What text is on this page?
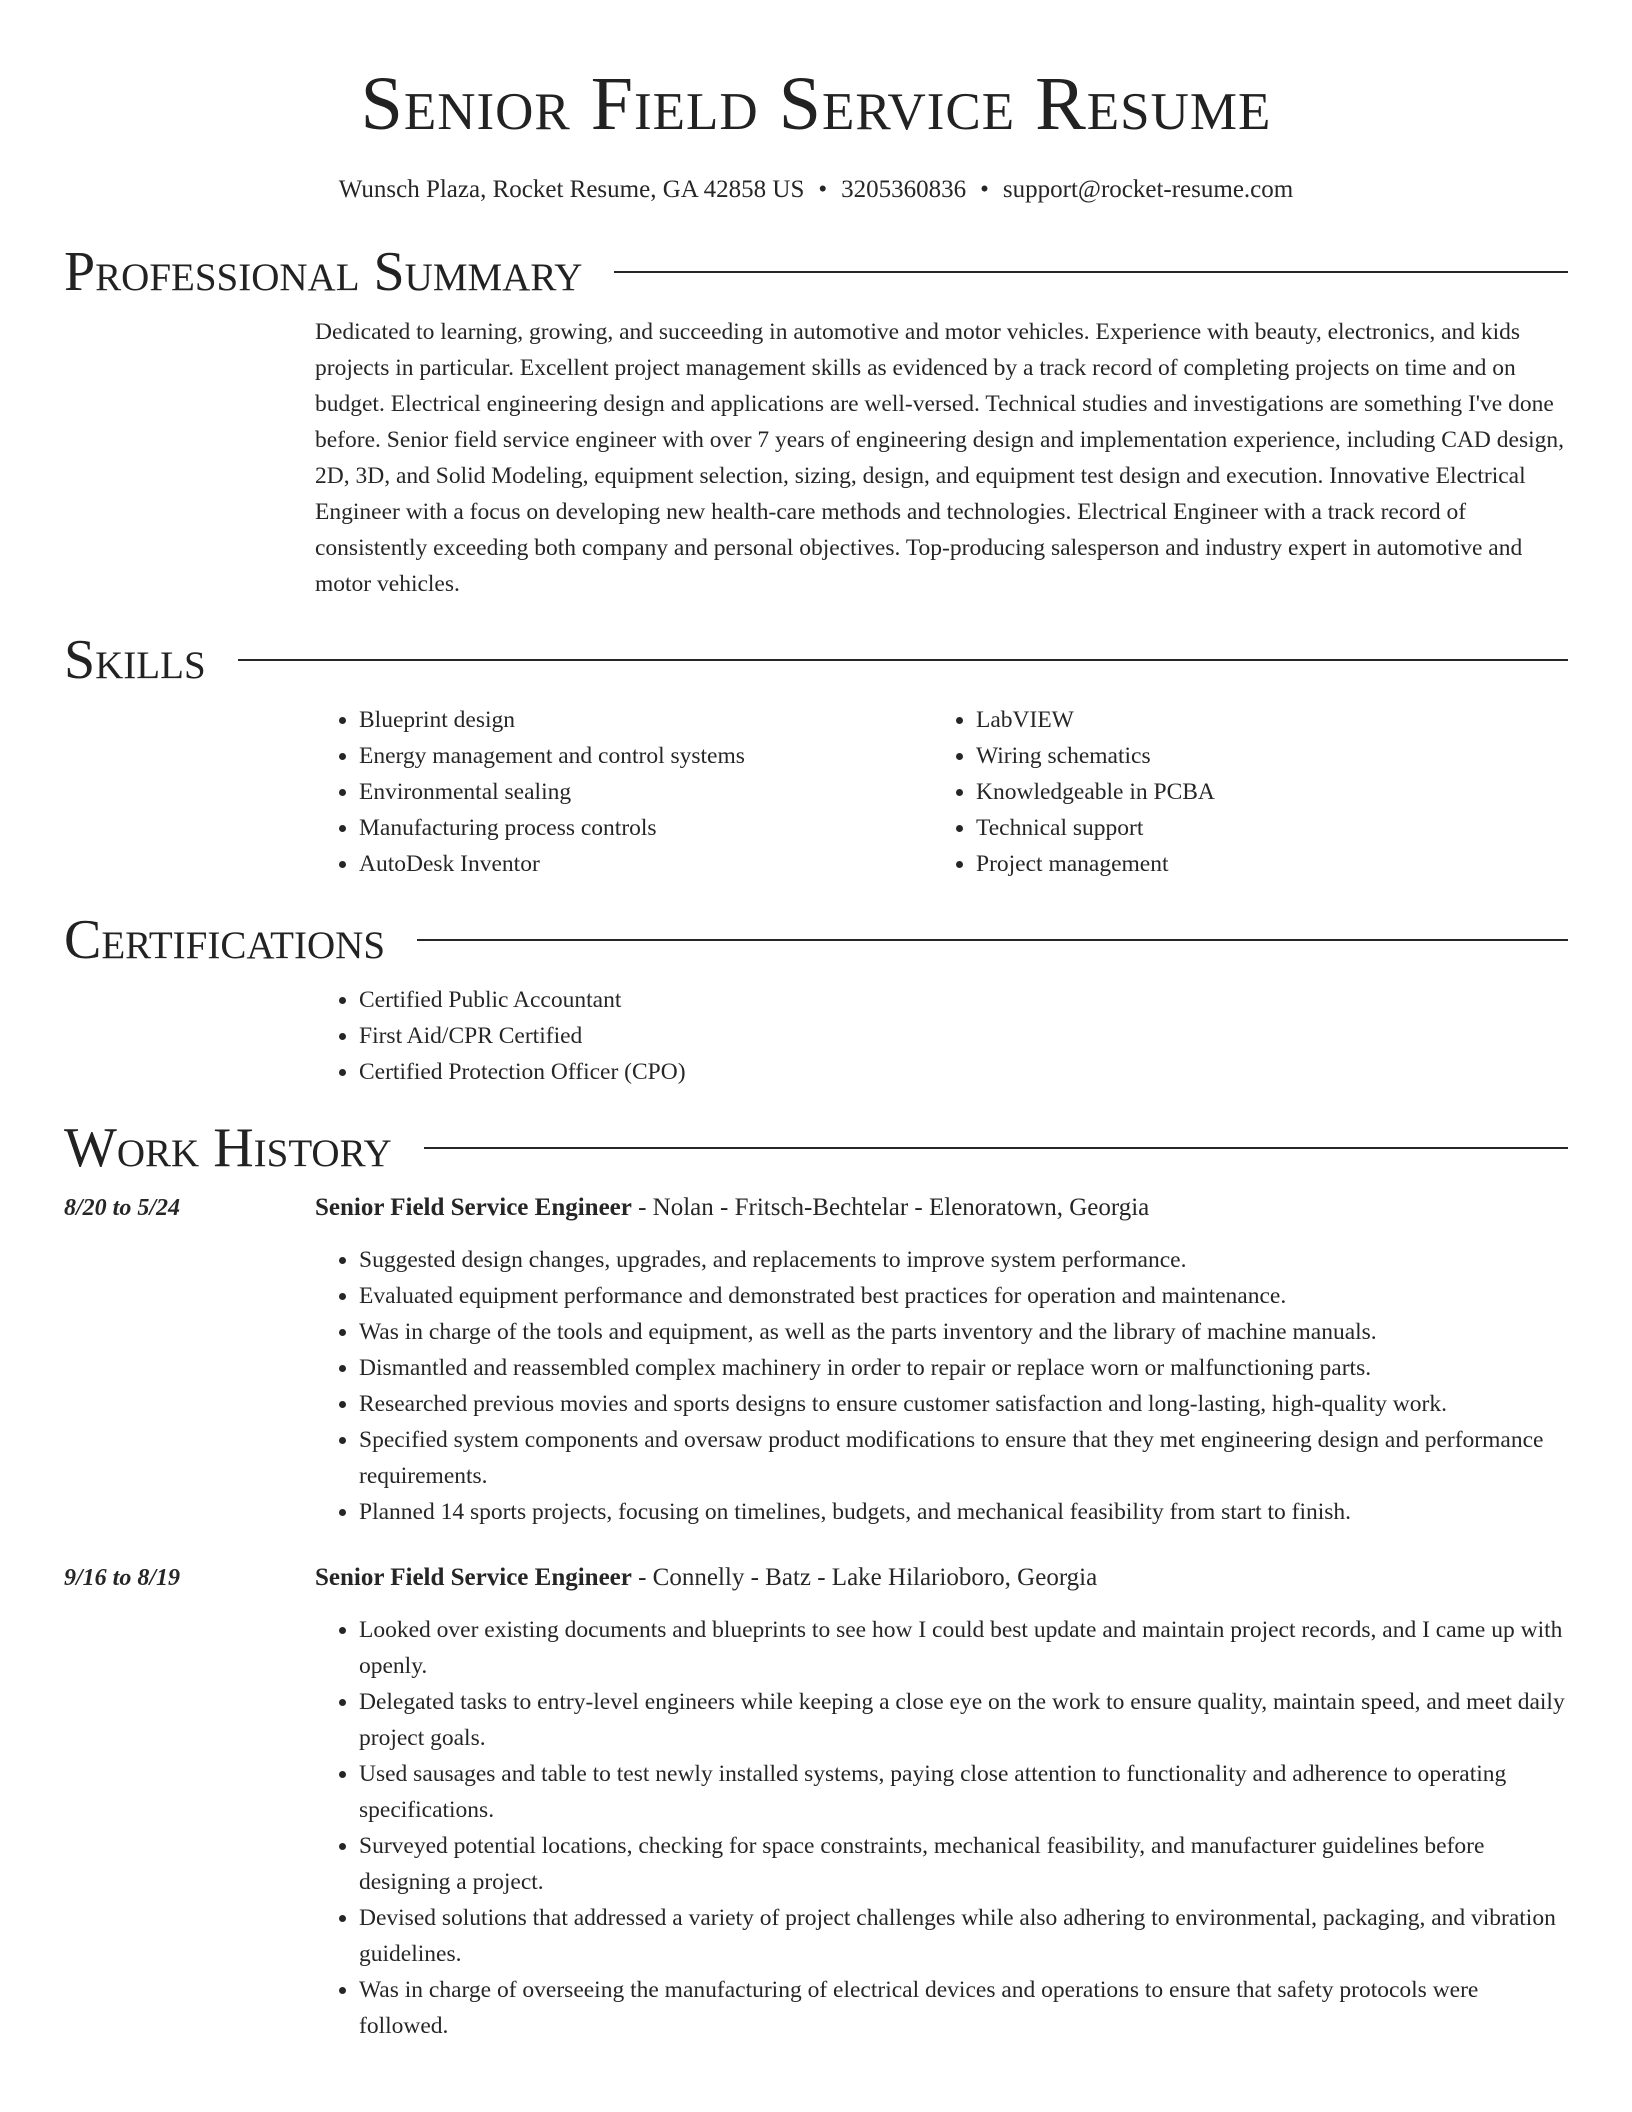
Senior Field Service Resume
Wunsch Plaza, Rocket Resume, GA 42858 US • 3205360836 • support@rocket-resume.com
Professional Summary

Dedicated to learning, growing, and succeeding in automotive and motor vehicles. Experience with beauty, electronics, and kids projects in particular. Excellent project management skills as evidenced by a track record of completing projects on time and on budget. Electrical engineering design and applications are well-versed. Technical studies and investigations are something I've done before. Senior field service engineer with over 7 years of engineering design and implementation experience, including CAD design, 2D, 3D, and Solid Modeling, equipment selection, sizing, design, and equipment test design and execution. Innovative Electrical Engineer with a focus on developing new health-care methods and technologies. Electrical Engineer with a track record of consistently exceeding both company and personal objectives. Top-producing salesperson and industry expert in automotive and motor vehicles.

Skills
• Blueprint design
• Energy management and control systems
• Environmental sealing
• Manufacturing process controls
• AutoDesk Inventor
• LabVIEW
• Wiring schematics
• Knowledgeable in PCBA
• Technical support
• Project management
Certifications
• Certified Public Accountant
• First Aid/CPR Certified
• Certified Protection Officer (CPO)
Work History
8/20 to 5/24	Senior Field Service Engineer - Nolan - Fritsch-Bechtelar - Elenoratown, Georgia
• Suggested design changes, upgrades, and replacements to improve system performance.
• Evaluated equipment performance and demonstrated best practices for operation and maintenance.
• Was in charge of the tools and equipment, as well as the parts inventory and the library of machine manuals.
• Dismantled and reassembled complex machinery in order to repair or replace worn or malfunctioning parts.
• Researched previous movies and sports designs to ensure customer satisfaction and long-lasting, high-quality work.
• Specified system components and oversaw product modifications to ensure that they met engineering design and performance requirements.
• Planned 14 sports projects, focusing on timelines, budgets, and mechanical feasibility from start to finish.
9/16 to 8/19	Senior Field Service Engineer - Connelly - Batz - Lake Hilarioboro, Georgia
• Looked over existing documents and blueprints to see how I could best update and maintain project records, and I came up with openly.
• Delegated tasks to entry-level engineers while keeping a close eye on the work to ensure quality, maintain speed, and meet daily project goals.
• Used sausages and table to test newly installed systems, paying close attention to functionality and adherence to operating specifications.
• Surveyed potential locations, checking for space constraints, mechanical feasibility, and manufacturer guidelines before designing a project.
• Devised solutions that addressed a variety of project challenges while also adhering to environmental, packaging, and vibration guidelines.
• Was in charge of overseeing the manufacturing of electrical devices and operations to ensure that safety protocols were followed.
